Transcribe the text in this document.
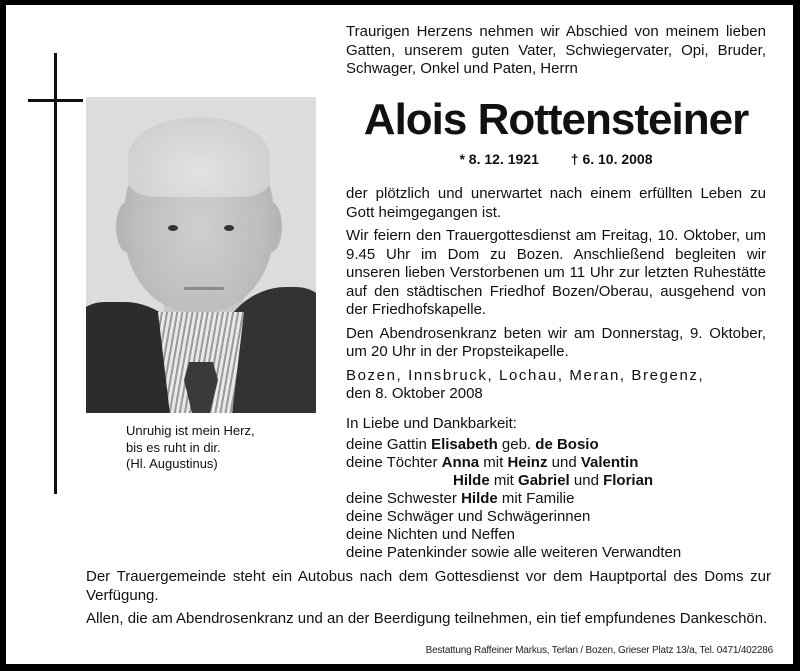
Unruhig ist mein Herz,
bis es ruht in dir.
(Hl. Augustinus)

Traurigen Herzens nehmen wir Abschied von meinem lieben Gatten, unserem guten Vater, Schwiegervater, Opi, Bruder, Schwager, Onkel und Paten, Herrn

Alois Rottensteiner
* 8. 12. 1921 † 6. 10. 2008

der plötzlich und unerwartet nach einem erfüllten Leben zu Gott heimgegangen ist.

Wir feiern den Trauergottesdienst am Freitag, 10. Oktober, um 9.45 Uhr im Dom zu Bozen. Anschließend begleiten wir unseren lieben Verstorbenen um 11 Uhr zur letzten Ruhestätte auf den städtischen Friedhof Bozen/Oberau, ausgehend von der Friedhofskapelle.

Den Abendrosenkranz beten wir am Donnerstag, 9. Oktober, um 20 Uhr in der Propsteikapelle.

Bozen, Innsbruck, Lochau, Meran, Bregenz,
den 8. Oktober 2008
In Liebe und Dankbarkeit:
deine Gattin Elisabeth geb. de Bosio
deine Töchter Anna mit Heinz und Valentin
Hilde mit Gabriel und Florian
deine Schwester Hilde mit Familie
deine Schwäger und Schwägerinnen
deine Nichten und Neffen
deine Patenkinder sowie alle weiteren Verwandten

Der Trauergemeinde steht ein Autobus nach dem Gottesdienst vor dem Hauptportal des Doms zur Verfügung.

Allen, die am Abendrosenkranz und an der Beerdigung teilnehmen, ein tief empfundenes Dankeschön.

Bestattung Raffeiner Markus, Terlan / Bozen, Grieser Platz 13/a, Tel. 0471/402286
